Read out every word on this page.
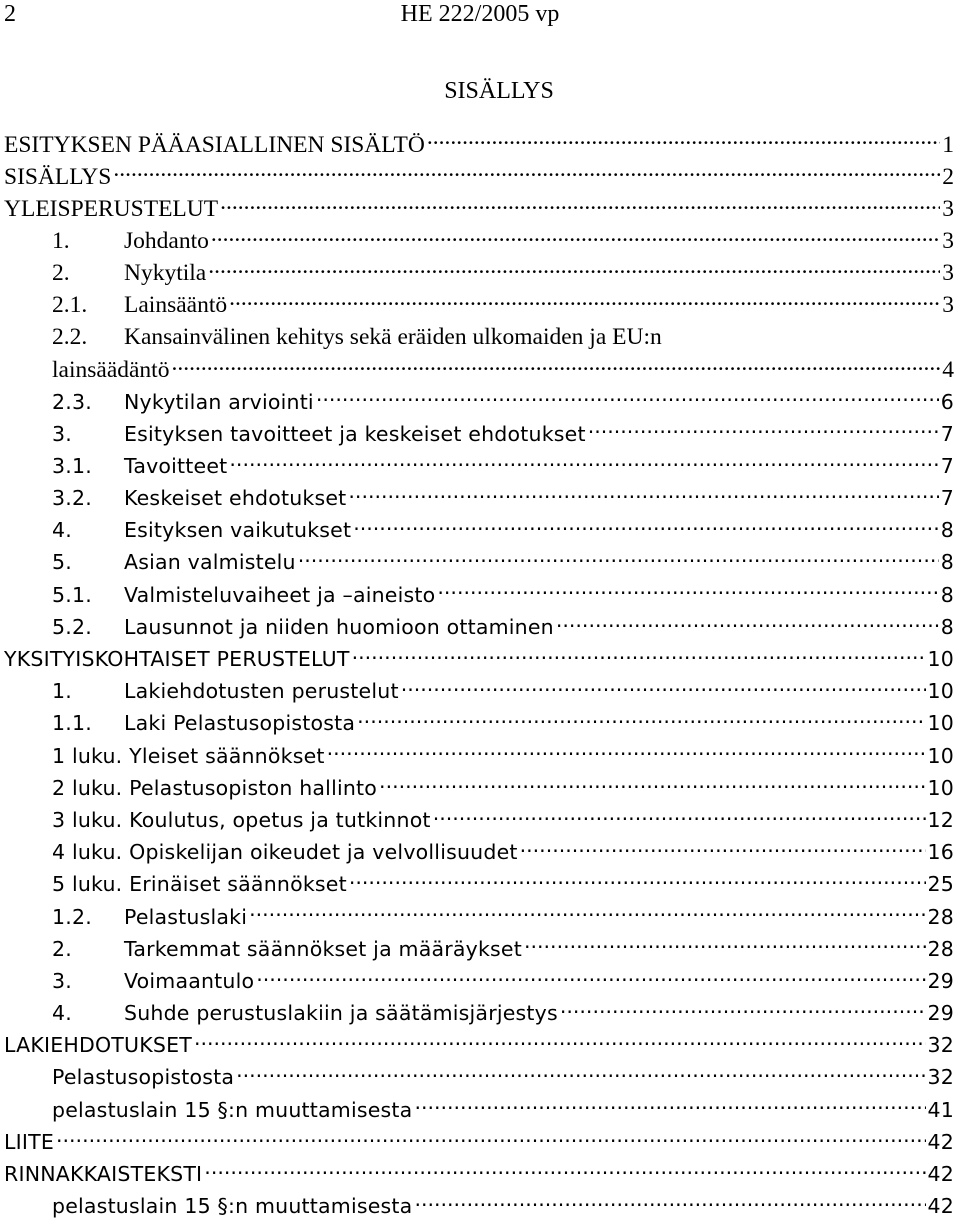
2	HE 222/2005 vp
SISÄLLYS
ESITYKSEN PÄÄASIALLINEN SISÄLTÖ .....	1
SISÄLLYS .....	2
YLEISPERUSTELUT .....	3
1.	Johdanto .....	3
2.	Nykytila .....	3
2.1.	Lainsääntö .....	3
2.2.	Kansainvälinen kehitys sekä eräiden ulkomaiden ja EU:n
lainsäädäntö .....	4
2.3.	Nykytilan arviointi .....	6
3.	Esityksen tavoitteet ja keskeiset ehdotukset .....	7
3.1.	Tavoitteet .....	7
3.2.	Keskeiset ehdotukset .....	7
4.	Esityksen vaikutukset .....	8
5.	Asian valmistelu .....	8
5.1.	Valmisteluvaiheet ja –aineisto .....	8
5.2.	Lausunnot ja niiden huomioon ottaminen .....	8
YKSITYISKOHTAISET PERUSTELUT .....	10
1.	Lakiehdotusten perustelut .....	10
1.1.	Laki Pelastusopistosta .....	10
1 luku. Yleiset säännökset .....	10
2 luku. Pelastusopiston hallinto .....	10
3 luku. Koulutus, opetus ja tutkinnot .....	12
4 luku. Opiskelijan oikeudet ja velvollisuudet .....	16
5 luku. Erinäiset säännökset .....	25
1.2.	Pelastuslaki .....	28
2.	Tarkemmat säännökset ja määräykset .....	28
3.	Voimaantulo .....	29
4.	Suhde perustuslakiin ja säätämisjärjestys .....	29
LAKIEHDOTUKSET .....	32
Pelastusopistosta .....	32
pelastuslain 15 §:n muuttamisesta .....	41
LIITE .....	42
RINNAKKAISTEKSTI .....	42
pelastuslain 15 §:n muuttamisesta .....	42
